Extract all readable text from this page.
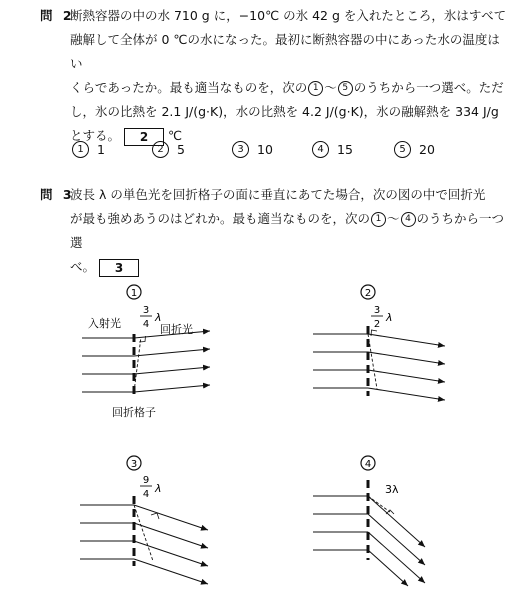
問 2
断熱容器の中の水 710 g に，−10℃ の氷 42 g を入れたところ，氷はすべて
融解して全体が 0 ℃の水になった。最初に断熱容器の中にあった水の温度はい
くらであったか。最も適当なものを，次の 1 〜 5 のうちから一つ選べ。ただ
し，氷の比熱を 2.1 J/(g·K)，水の比熱を 4.2 J/(g·K)，氷の融解熱を 334 J/g
とする。 2 ℃
1	1	2	5	3	10	4	15	5	20
問 3
波長 λ の単色光を回折格子の面に垂直にあてた場合，次の図の中で回折光
が最も強めあうのはどれか。最も適当なものを，次の 1 〜 4 のうちから一つ選
べ。 3
1
入射光	回折光
3
4
λ
回折格子
2
3
2
λ
3
9
4 λ
4
3λ
